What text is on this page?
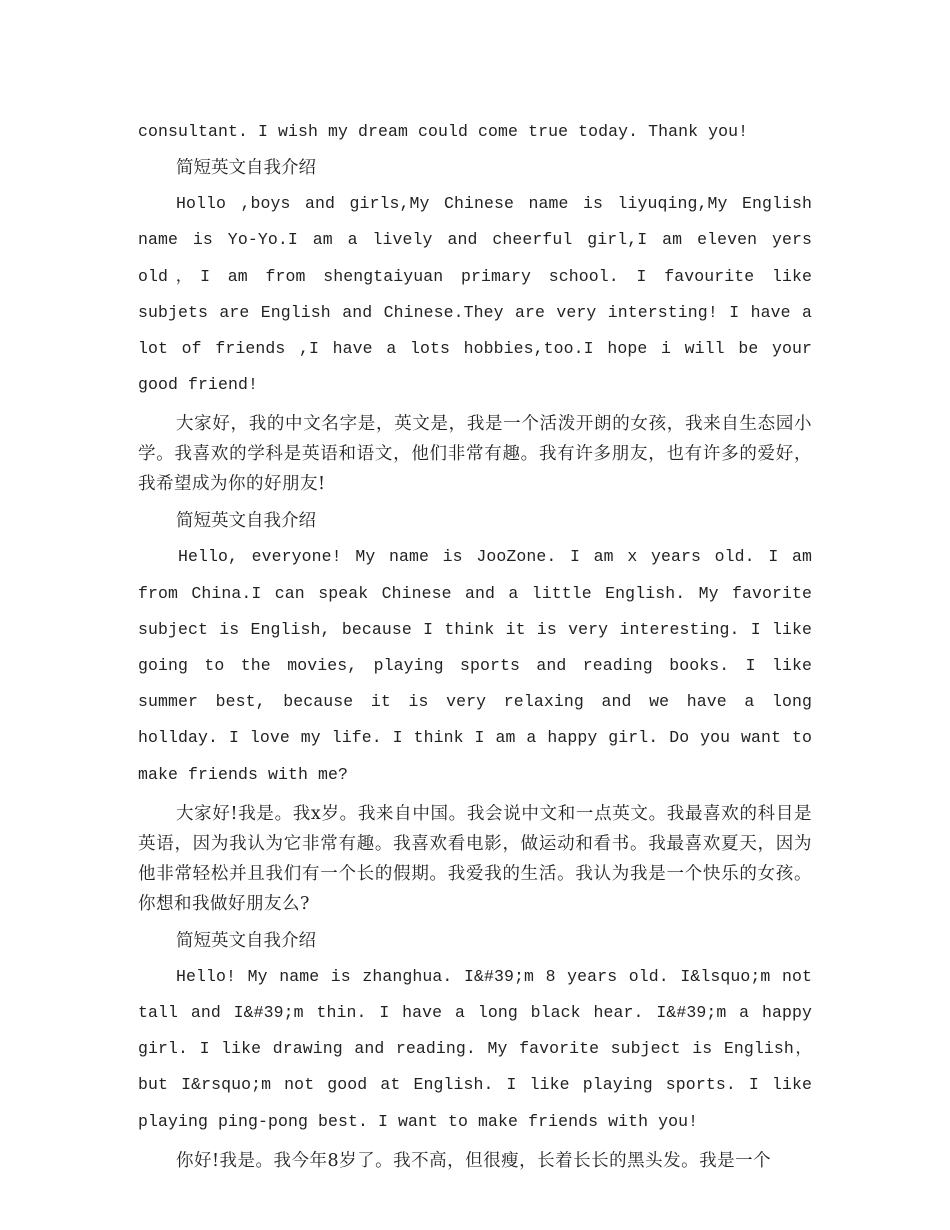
consultant. I wish my dream could come true today. Thank you!

简短英文自我介绍

Hollo ,boys and girls,My Chinese name is liyuqing,My English name is Yo-Yo.I am a lively and cheerful girl,I am eleven yers old，I am from shengtaiyuan primary school. I favourite like subjets are English and Chinese.They are very intersting! I have a lot of friends ,I have a lots hobbies,too.I hope i will be your good friend!

大家好，我的中文名字是，英文是，我是一个活泼开朗的女孩，我来自生态园小学。我喜欢的学科是英语和语文，他们非常有趣。我有许多朋友，也有许多的爱好，我希望成为你的好朋友!

简短英文自我介绍

Hello, everyone! My name is JooZone. I am x years old. I am from China.I can speak Chinese and a little English. My favorite subject is English, because I think it is very interesting. I like going to the movies, playing sports and reading books. I like summer best, because it is very relaxing and we have a long hollday. I love my life. I think I am a happy girl. Do you want to make friends with me?

大家好!我是。我x岁。我来自中国。我会说中文和一点英文。我最喜欢的科目是英语，因为我认为它非常有趣。我喜欢看电影，做运动和看书。我最喜欢夏天，因为他非常轻松并且我们有一个长的假期。我爱我的生活。我认为我是一个快乐的女孩。你想和我做好朋友么?

简短英文自我介绍

Hello! My name is zhanghua. I&#39;m 8 years old. I&lsquo;m not tall and I&#39;m thin. I have a long black hear. I&#39;m a happy girl. I like drawing and reading. My favorite subject is English，but I&rsquo;m not good at English. I like playing sports. I like playing ping-pong best. I want to make friends with you!

你好!我是。我今年8岁了。我不高，但很瘦，长着长长的黑头发。我是一个
